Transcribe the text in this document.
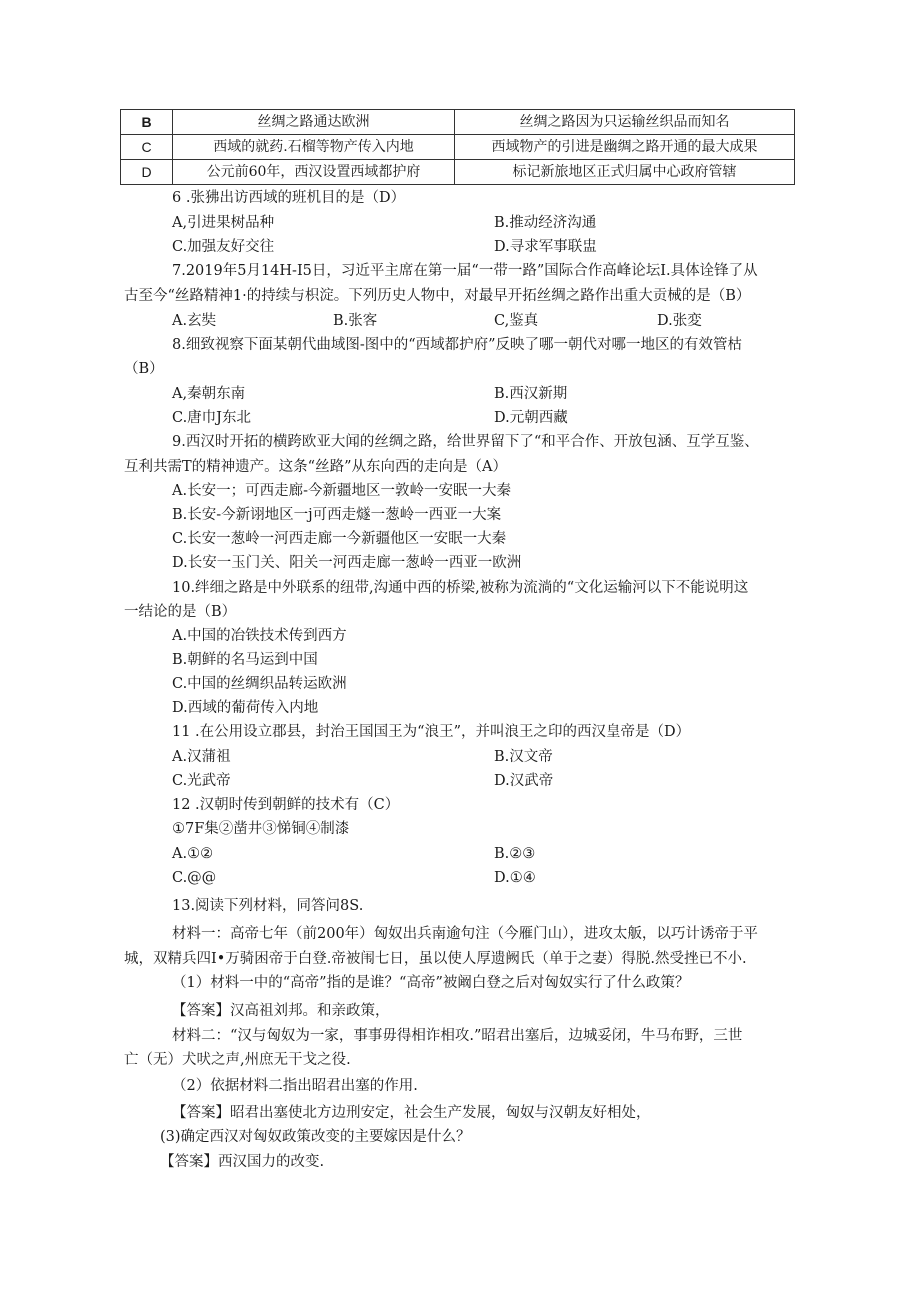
B	丝绸之路通达欧洲	丝绸之路因为只运输丝织品而知名
C	西域的就药.石榴等物产传入内地	西域物产的引进是幽绸之路开通的最大成果
D	公元前60年，西汉设置西域都护府	标记新旅地区正式归属中心政府管辖
6 .张狒出访西域的班机目的是（D）
A,引进果树品种	B.推动经济沟通
C.加强友好交往	D.寻求军事联盅
7.2019年5月14H-I5日，习近平主席在第一届“一带一路”国际合作高峰论坛I.具体诠锋了从
古至今“丝路精神1·的持续与枳淀。下列历史人物中，对最早开拓丝绸之路作出重大贡械的是（B）
A.玄奘	B.张客	C,鉴真	D.张変
8.细致视察下面某朝代曲域图-图中的“西域都护府”反映了哪一朝代对哪一地区的有效管枯
（B）
A,秦朝东南	B.西汉新期
C.唐巾J东北	D.元朝西藏
9.西汉时开拓的横跨欧亚大闻的丝绸之路，给世界留下了“和平合作、开放包涵、互学互鉴、
互利共需T的精神遗产。这条“丝路”从东向西的走向是（A）
A.长安一；可西走廊-今新疆地区一敦岭一安眠一大秦
B.长安-今新诩地区一j可西走燧一葱岭一西亚一大案
C.长安一葱岭一河西走廊一今新疆他区一安眠一大秦
D.长安一玉门关、阳关一河西走廊一葱岭一西亚一欧洲
10.绊细之路是中外联系的纽带,沟通中西的桥梁,被称为流淌的“文化运输河以下不能说明这
一结论的是（B）
A.中国的冶铁技术传到西方
B.朝鲜的名马运到中国
C.中国的丝绸织品转运欧洲
D.西域的葡荷传入内地
11 .在公用设立郡县，封治王国国王为“浪王”，并叫浪王之印的西汉皇帝是（D）
A.汉蒲祖	B.汉文帝
C.光武帝	D.汉武帝
12 .汉朝时传到朝鲜的技术有（C）
①7F集②凿井③悌铜④制漆
A.①②	B.②③
C.@@	D.①④
13.阅读下列材料，同答问8S.
材料一：高帝七年（前200年）匈奴出兵南逾句注（今雁门山），进攻太舨，以巧计诱帝于平
城，双精兵四I•万骑困帝于白登.帝被闱七日，虽以使人厚遗阙氏（单于之妻）得脱.然受挫已不小.
（1）材料一中的“高帝”指的是谁？“高帝”被阚白登之后对匈奴实行了什么政策？
【答案】汉高祖刘邦。和亲政策，
材料二：“汉与匈奴为一家，事事毋得相诈相攻.”昭君出塞后，边城妥闭，牛马布野，三世
亡（无）犬吠之声,州庶无干戈之役.
（2）依据材料二指出昭君出塞的作用.
【答案】昭君出塞使北方边刑安定，社会生产发展，匈奴与汉朝友好相处，
(3)确定西汉对匈奴政策改变的主要嫁因是什么？
【答案】西汉国力的改变.
